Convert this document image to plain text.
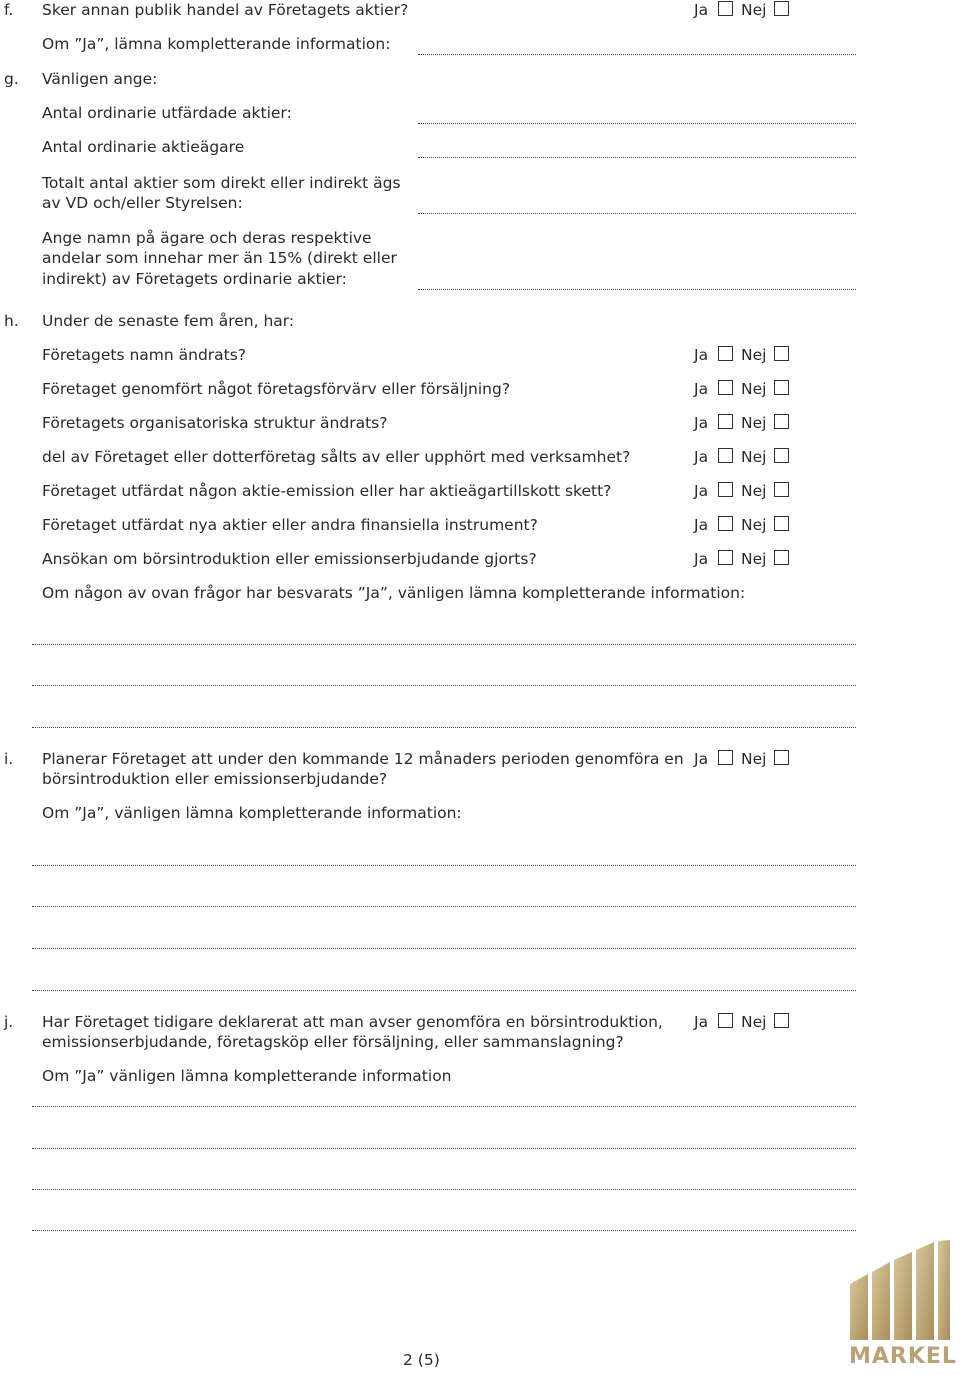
f. Sker annan publik handel av Företagets aktier?	Ja Nej
Om ”Ja”, lämna kompletterande information:
g. Vänligen ange:
Antal ordinarie utfärdade aktier:
Antal ordinarie aktieägare
Totalt antal aktier som direkt eller indirekt ägs
av VD och/eller Styrelsen:
Ange namn på ägare och deras respektive
andelar som innehar mer än 15% (direkt eller
indirekt) av Företagets ordinarie aktier:
h. Under de senaste fem åren, har:
Företagets namn ändrats?	Ja Nej
Företaget genomfört något företagsförvärv eller försäljning?	Ja Nej
Företagets organisatoriska struktur ändrats?	Ja Nej
del av Företaget eller dotterföretag sålts av eller upphört med verksamhet?	Ja Nej
Företaget utfärdat någon aktie-emission eller har aktieägartillskott skett?	Ja Nej
Företaget utfärdat nya aktier eller andra finansiella instrument?	Ja Nej
Ansökan om börsintroduktion eller emissionserbjudande gjorts?	Ja Nej
Om någon av ovan frågor har besvarats ”Ja”, vänligen lämna kompletterande information:
i. Planerar Företaget att under den kommande 12 månaders perioden genomföra en
börsintroduktion eller emissionserbjudande?
Ja Nej
Om ”Ja”, vänligen lämna kompletterande information:
j. Har Företaget tidigare deklarerat att man avser genomföra en börsintroduktion,
emissionserbjudande, företagsköp eller försäljning, eller sammanslagning?
Ja Nej
Om ”Ja” vänligen lämna kompletterande information
2 (5)	MARKEL
